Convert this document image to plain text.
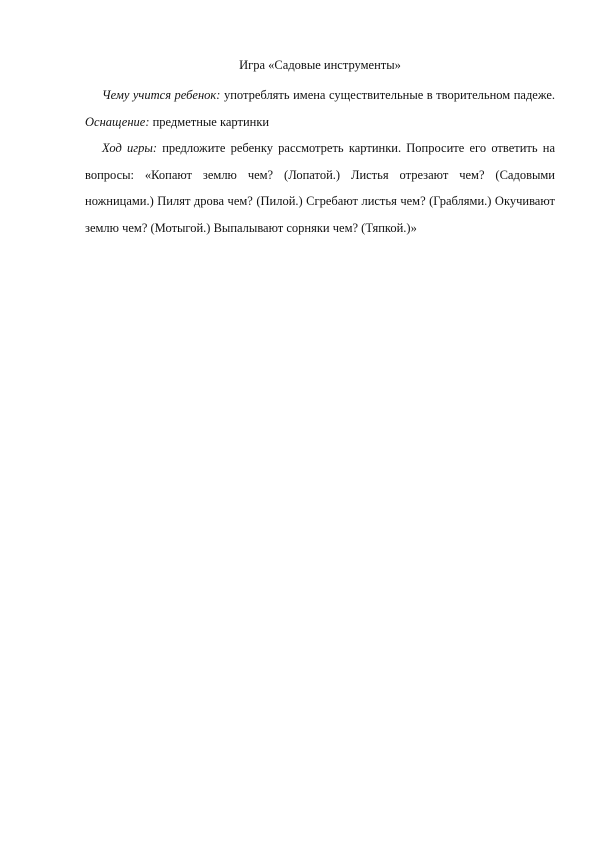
Игра «Садовые инструменты»

Чему учится ребенок: употреблять имена существительные в творительном падеже. Оснащение: предметные картинки

Ход игры: предложите ребенку рассмотреть картинки. Попросите его ответить на вопросы: «Копают землю чем? (Лопатой.) Листья отрезают чем? (Садовыми ножницами.) Пилят дрова чем? (Пилой.) Сгребают листья чем? (Граблями.) Окучивают землю чем? (Мотыгой.) Выпалывают сорняки чем? (Тяпкой.)»
